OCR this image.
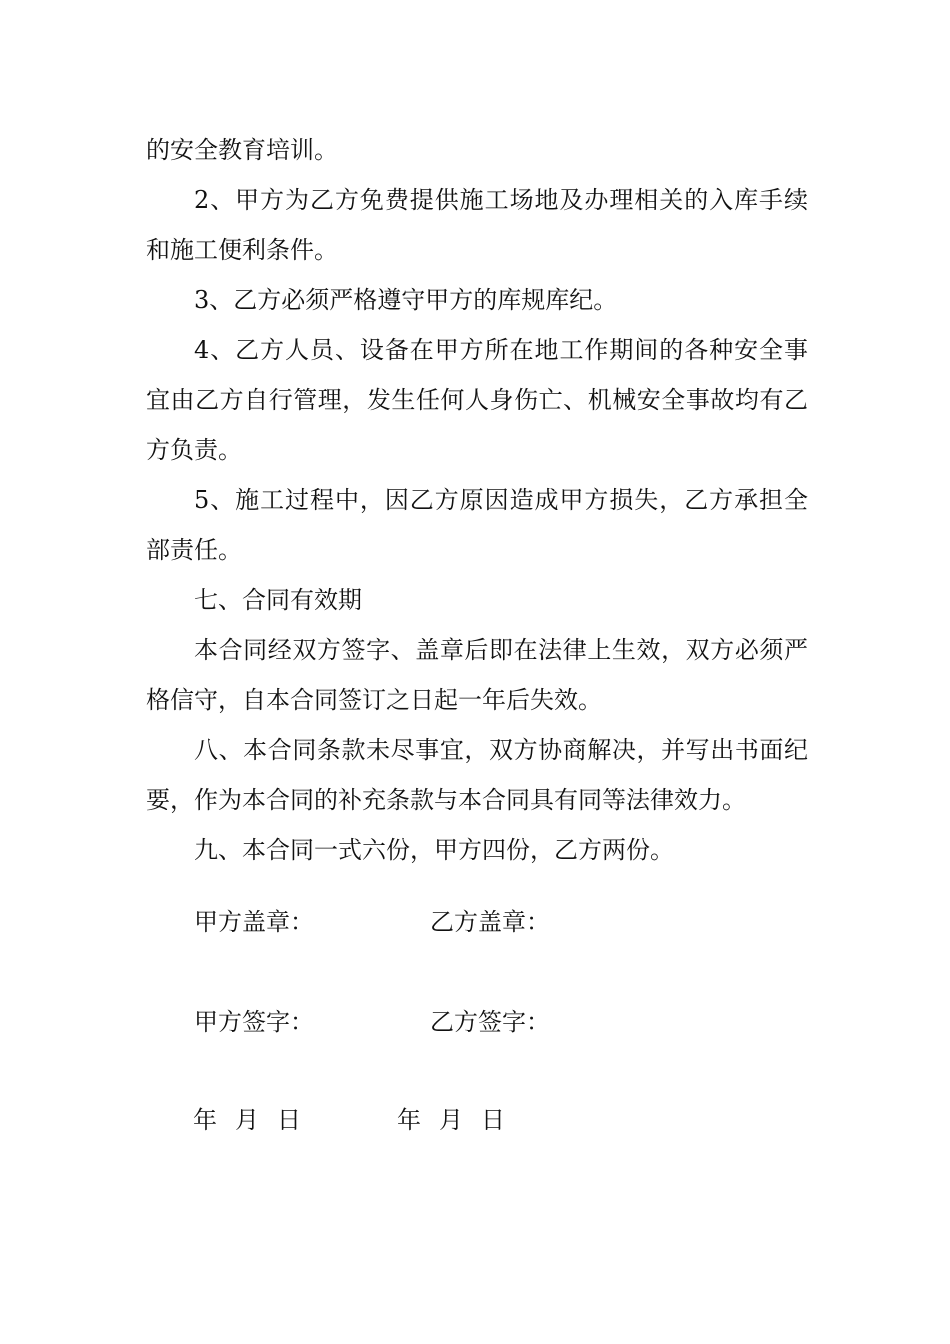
的安全教育培训。

2、甲方为乙方免费提供施工场地及办理相关的入库手续和施工便利条件。

3、乙方必须严格遵守甲方的库规库纪。

4、乙方人员、设备在甲方所在地工作期间的各种安全事宜由乙方自行管理，发生任何人身伤亡、机械安全事故均有乙方负责。

5、施工过程中，因乙方原因造成甲方损失，乙方承担全部责任。

七、合同有效期

本合同经双方签字、盖章后即在法律上生效，双方必须严格信守，自本合同签订之日起一年后失效。

八、本合同条款未尽事宜，双方协商解决，并写出书面纪要，作为本合同的补充条款与本合同具有同等法律效力。

九、本合同一式六份，甲方四份，乙方两份。

甲方盖章：	乙方盖章：
甲方签字：	乙方签字：
年 月 日	年 月 日
